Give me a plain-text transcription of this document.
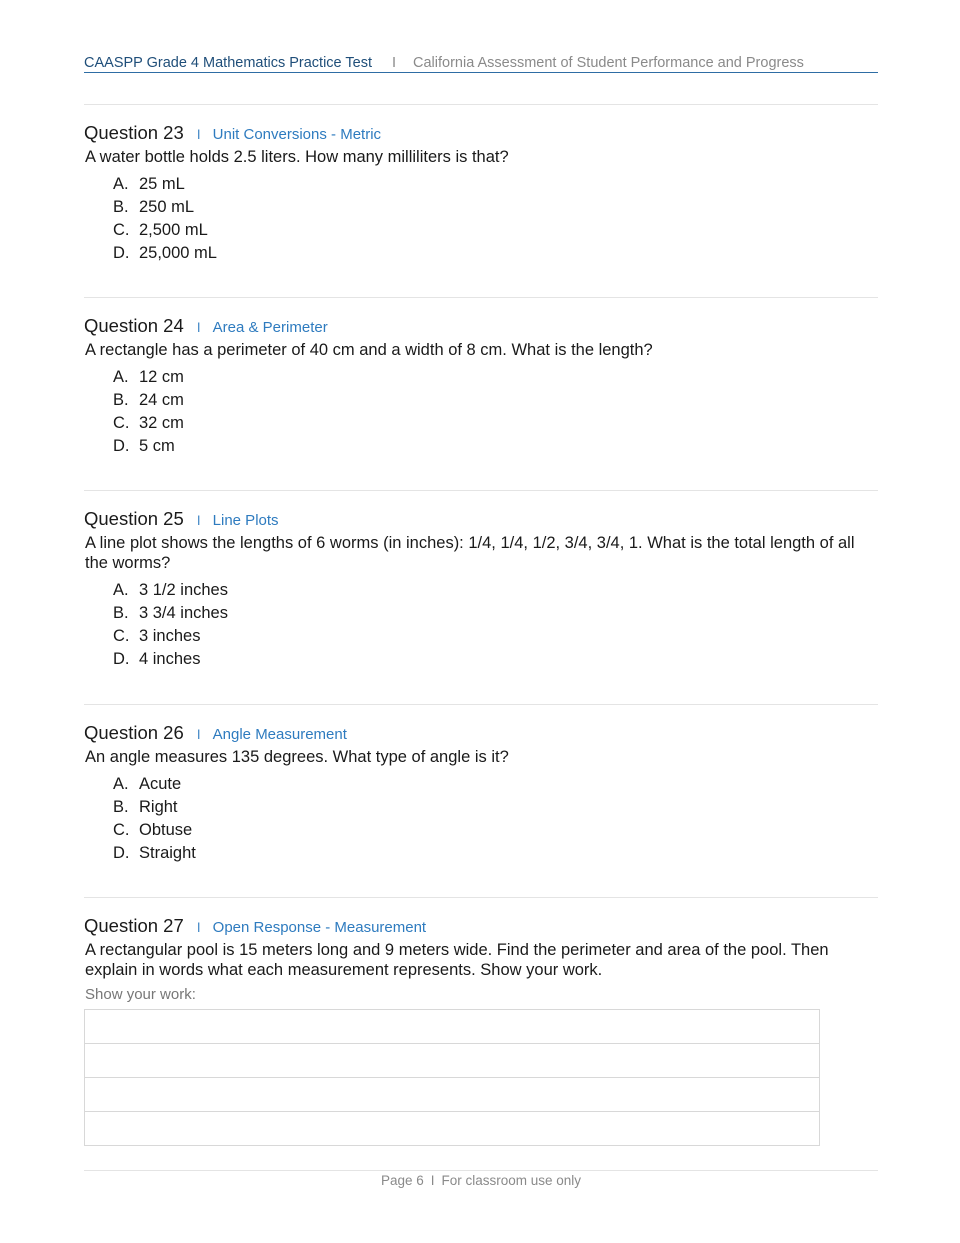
CAASPP Grade 4 Mathematics Practice Test I California Assessment of Student Performance and Progress
Question 23 I Unit Conversions - Metric
A water bottle holds 2.5 liters. How many milliliters is that?
A. 25 mL
B. 250 mL
C. 2,500 mL
D. 25,000 mL
Question 24 I Area & Perimeter
A rectangle has a perimeter of 40 cm and a width of 8 cm. What is the length?
A. 12 cm
B. 24 cm
C. 32 cm
D. 5 cm
Question 25 I Line Plots
A line plot shows the lengths of 6 worms (in inches): 1/4, 1/4, 1/2, 3/4, 3/4, 1. What is the total length of all the worms?
A. 3 1/2 inches
B. 3 3/4 inches
C. 3 inches
D. 4 inches
Question 26 I Angle Measurement
An angle measures 135 degrees. What type of angle is it?
A. Acute
B. Right
C. Obtuse
D. Straight
Question 27 I Open Response - Measurement
A rectangular pool is 15 meters long and 9 meters wide. Find the perimeter and area of the pool. Then explain in words what each measurement represents. Show your work.
Show your work:
Page 6 I For classroom use only
